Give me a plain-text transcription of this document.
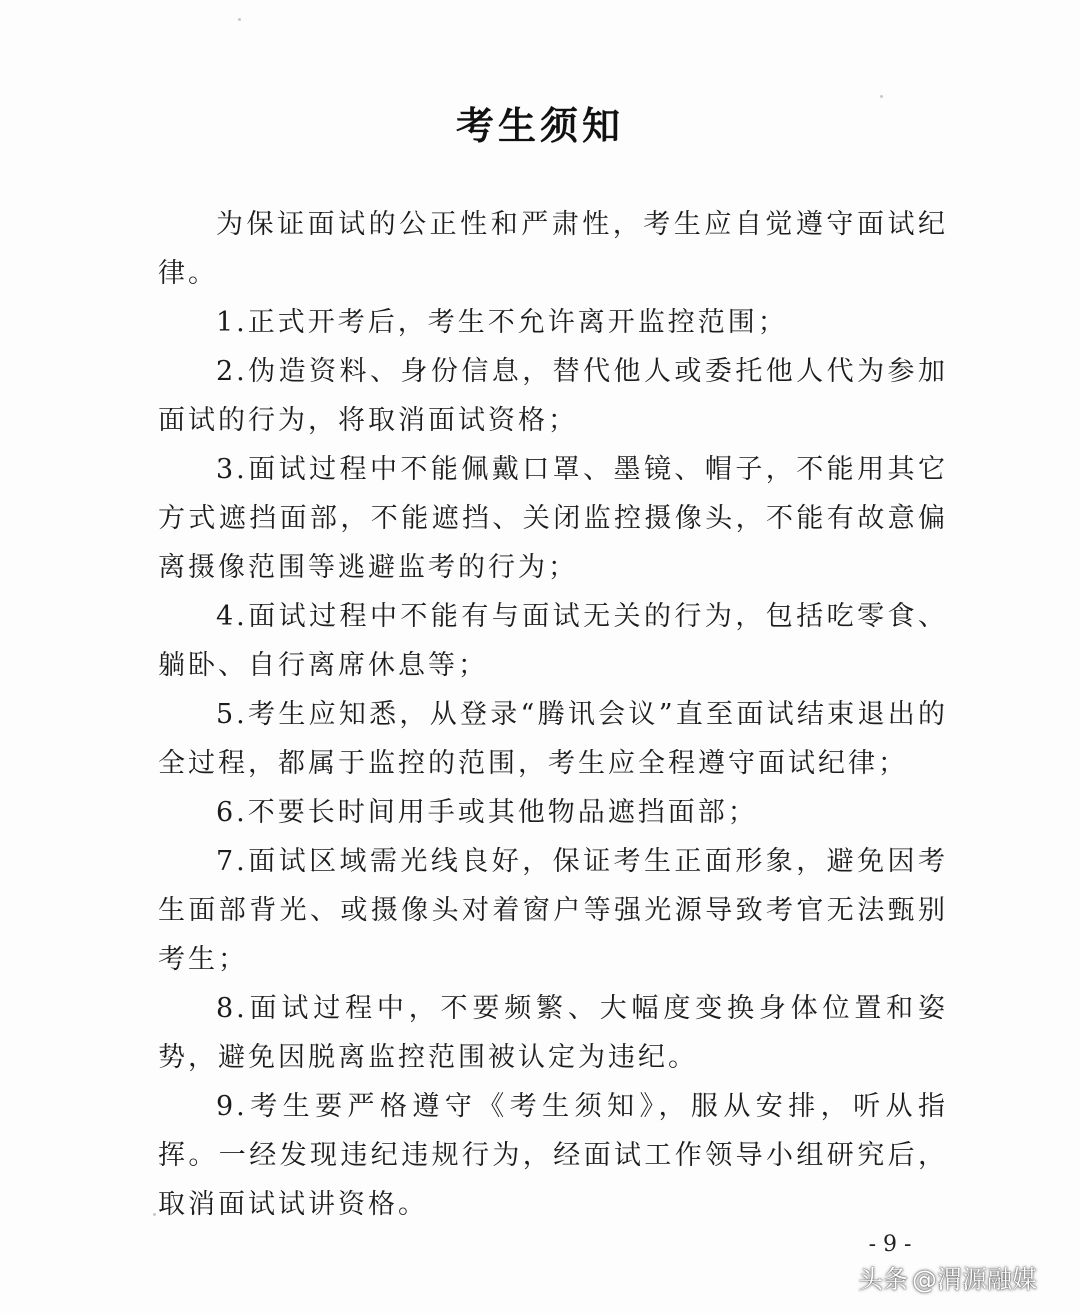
考生须知

为保证面试的公正性和严肃性，考生应自觉遵守面试纪律。

1.正式开考后，考生不允许离开监控范围；

2.伪造资料、身份信息，替代他人或委托他人代为参加面试的行为，将取消面试资格；

3.面试过程中不能佩戴口罩、墨镜、帽子，不能用其它方式遮挡面部，不能遮挡、关闭监控摄像头，不能有故意偏离摄像范围等逃避监考的行为；

4.面试过程中不能有与面试无关的行为，包括吃零食、躺卧、自行离席休息等；

5.考生应知悉，从登录“腾讯会议”直至面试结束退出的全过程，都属于监控的范围，考生应全程遵守面试纪律；

6.不要长时间用手或其他物品遮挡面部；

7.面试区域需光线良好，保证考生正面形象，避免因考生面部背光、或摄像头对着窗户等强光源导致考官无法甄别考生；

8.面试过程中，不要频繁、大幅度变换身体位置和姿势，避免因脱离监控范围被认定为违纪。

9.考生要严格遵守《考生须知》，服从安排，听从指挥。一经发现违纪违规行为，经面试工作领导小组研究后，取消面试试讲资格。

- 9 -
头条 @渭源融媒
